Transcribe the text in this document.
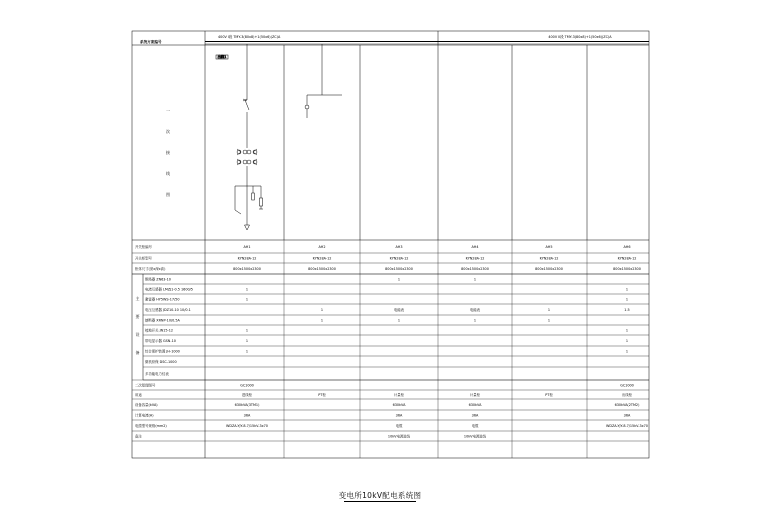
400V I段 TMY-3(80x8)+1(50x6)(ZC)A	400V II段 TMY-3(80x8)+1(50x6)(ZC)A
系统方案编号
一
次
接
线
图
出线1
开关柜编号
开关柜型号
柜体尺寸(宽x深x高)
主
要
设
备
断路器 ZN63-10
电流互感器 LMZJ1-0.5 1600/5
避雷器 HY5WS-17/50
电压互感器 JDZ10-10 10/0.1
熔断器 XRNP-10/0.5A
接地开关 JN15-12
带电显示器 GSN-10
综合保护装置 JH-1000
微机综保 DSC-1000
多功能电力仪表
二次原理图号
用途
设备容量(kVA)
计算电流(A)
电缆型号规格(mm2)
备注
AH1
KYN28A-12
800x1500x2300
1
1
1
1
1
GC1000
进线柜
630kVA(3TM1)
36A
WDZA-YJY-8.7/15kV-3x70
AH2
KYN28A-12
800x1500x2300
1
1
PT柜
AH3
KYN28A-12
800x1500x2300
1
电能表
1
计量柜
630kVA
36A
电缆
10kV电源进线
AH4
KYN28A-12
800x1500x2300
1
电能表
1
计量柜
630kVA
36A
电缆
10kV电源进线
AH5
KYN28A-12
800x1500x2300
1
1
PT柜
AH6
KYN28A-12
800x1500x2300
1
1
1.5
1
1
1
GC1000
出线柜
630kVA(2TM2)
36A
WDZA-YJY-8.7/15kV-3x70
变电所10kV配电系统图
